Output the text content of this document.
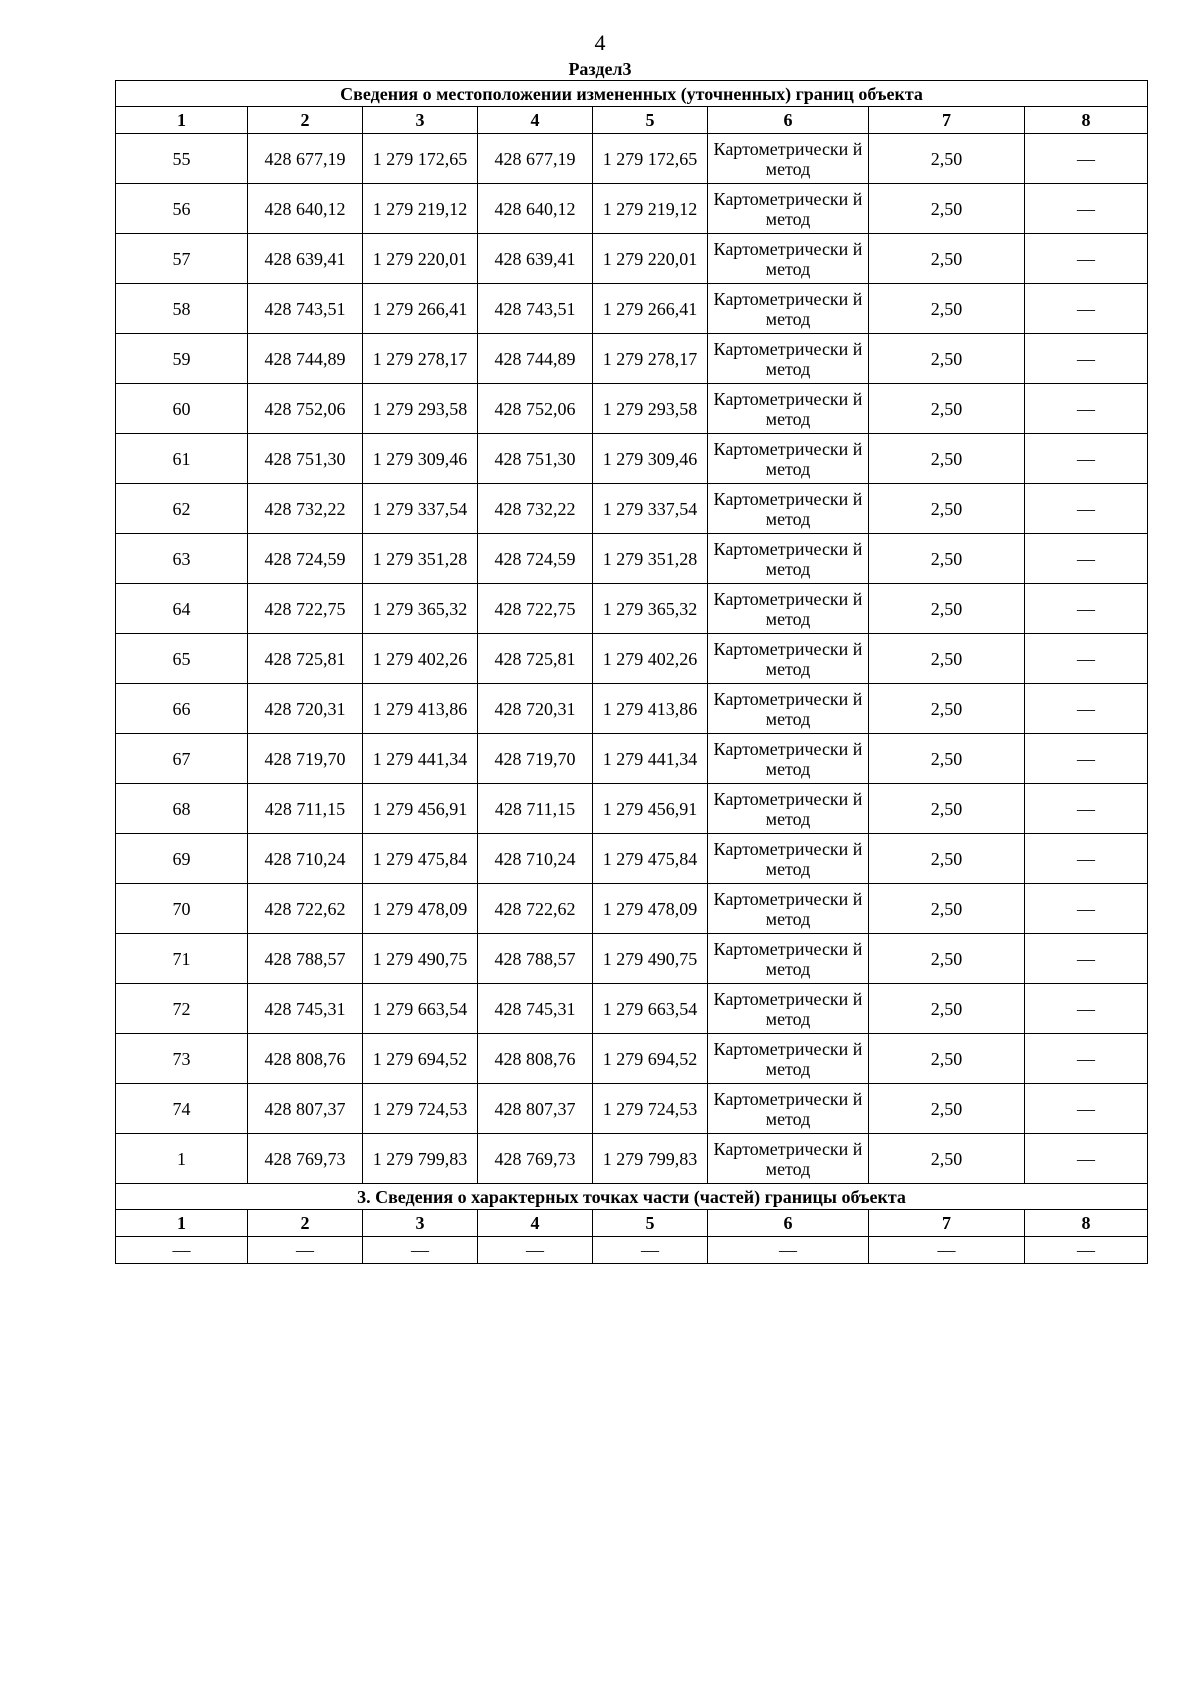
4
Раздел3
Сведения о местоположении измененных (уточненных) границ объекта							
1	2	3	4	5	6	7	8
55	428 677,19	1 279 172,65	428 677,19	1 279 172,65	Картометрически й метод	2,50	—
56	428 640,12	1 279 219,12	428 640,12	1 279 219,12	Картометрически й метод	2,50	—
57	428 639,41	1 279 220,01	428 639,41	1 279 220,01	Картометрически й метод	2,50	—
58	428 743,51	1 279 266,41	428 743,51	1 279 266,41	Картометрически й метод	2,50	—
59	428 744,89	1 279 278,17	428 744,89	1 279 278,17	Картометрически й метод	2,50	—
60	428 752,06	1 279 293,58	428 752,06	1 279 293,58	Картометрически й метод	2,50	—
61	428 751,30	1 279 309,46	428 751,30	1 279 309,46	Картометрически й метод	2,50	—
62	428 732,22	1 279 337,54	428 732,22	1 279 337,54	Картометрически й метод	2,50	—
63	428 724,59	1 279 351,28	428 724,59	1 279 351,28	Картометрически й метод	2,50	—
64	428 722,75	1 279 365,32	428 722,75	1 279 365,32	Картометрически й метод	2,50	—
65	428 725,81	1 279 402,26	428 725,81	1 279 402,26	Картометрически й метод	2,50	—
66	428 720,31	1 279 413,86	428 720,31	1 279 413,86	Картометрически й метод	2,50	—
67	428 719,70	1 279 441,34	428 719,70	1 279 441,34	Картометрически й метод	2,50	—
68	428 711,15	1 279 456,91	428 711,15	1 279 456,91	Картометрически й метод	2,50	—
69	428 710,24	1 279 475,84	428 710,24	1 279 475,84	Картометрически й метод	2,50	—
70	428 722,62	1 279 478,09	428 722,62	1 279 478,09	Картометрически й метод	2,50	—
71	428 788,57	1 279 490,75	428 788,57	1 279 490,75	Картометрически й метод	2,50	—
72	428 745,31	1 279 663,54	428 745,31	1 279 663,54	Картометрически й метод	2,50	—
73	428 808,76	1 279 694,52	428 808,76	1 279 694,52	Картометрически й метод	2,50	—
74	428 807,37	1 279 724,53	428 807,37	1 279 724,53	Картометрически й метод	2,50	—
1	428 769,73	1 279 799,83	428 769,73	1 279 799,83	Картометрически й метод	2,50	—
3. Сведения о характерных точках части (частей) границы объекта							
1	2	3	4	5	6	7	8
—	—	—	—	—	—	—	—
